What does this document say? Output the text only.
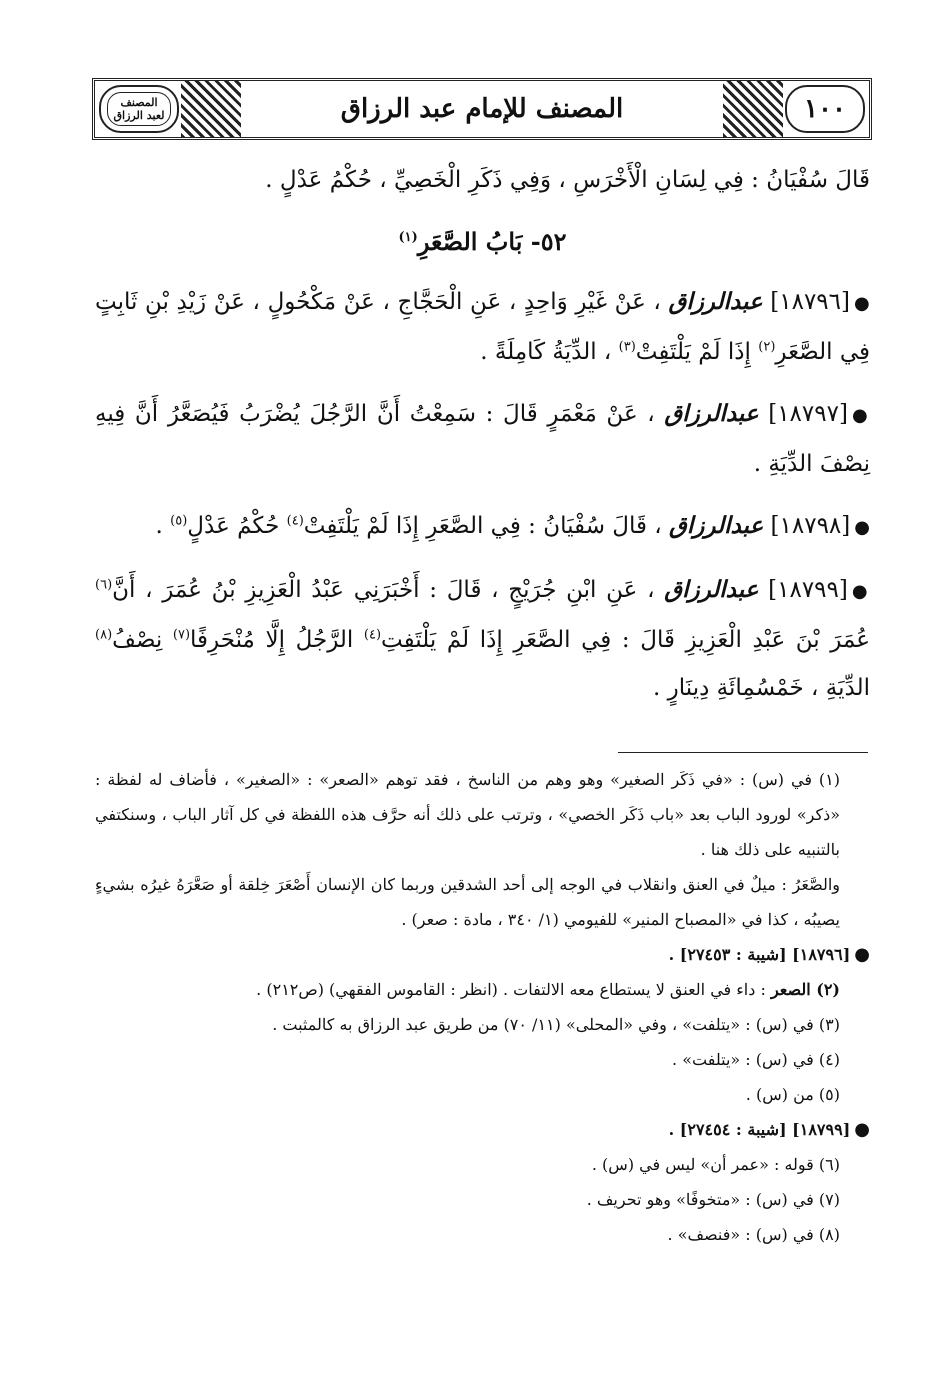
١٠٠
المصنف للإمام عبد الرزاق
المصنف
لعبد الرزاق

قَالَ سُفْيَانُ : فِي لِسَانِ الْأَخْرَسِ ، وَفِي ذَكَرِ الْخَصِيِّ ، حُكْمُ عَدْلٍ .

٥٢- بَابُ الصَّعَرِ$^{(١)}$

●[١٨٧٩٦] عبدالرزاق ، عَنْ غَيْرِ وَاحِدٍ ، عَنِ الْحَجَّاجِ ، عَنْ مَكْحُولٍ ، عَنْ زَيْدِ بْنِ ثَابِتٍ فِي الصَّعَرِ$^{(٢)}$ إِذَا لَمْ يَلْتَفِتْ$^{(٣)}$ ، الدِّيَةُ كَامِلَةً .

●[١٨٧٩٧] عبدالرزاق ، عَنْ مَعْمَرٍ قَالَ : سَمِعْتُ أَنَّ الرَّجُلَ يُضْرَبُ فَيُصَعَّرُ أَنَّ فِيهِ نِصْفَ الدِّيَةِ .

●[١٨٧٩٨] عبدالرزاق ، قَالَ سُفْيَانُ : فِي الصَّعَرِ إِذَا لَمْ يَلْتَفِتْ$^{(٤)}$ حُكْمُ عَدْلٍ$^{(٥)}$ .

●[١٨٧٩٩] عبدالرزاق ، عَنِ ابْنِ جُرَيْجٍ ، قَالَ : أَخْبَرَنِي عَبْدُ الْعَزِيزِ بْنُ عُمَرَ ، أَنَّ$^{(٦)}$ عُمَرَ بْنَ عَبْدِ الْعَزِيزِ قَالَ : فِي الصَّعَرِ إِذَا لَمْ يَلْتَفِتِ$^{(٤)}$ الرَّجُلُ إِلَّا مُنْحَرِفًا$^{(٧)}$ نِصْفُ$^{(٨)}$ الدِّيَةِ ، خَمْسُمِائَةِ دِينَارٍ .

(١) في (س) : «في ذَكَر الصغير» وهو وهم من الناسخ ، فقد توهم «الصعر» : «الصغير» ، فأضاف له لفظة : «ذكر» لورود الباب بعد «باب ذَكَر الخصي» ، وترتب على ذلك أنه حرَّف هذه اللفظة في كل آثار الباب ، وسنكتفي بالتنبيه على ذلك هنا .

والصَّعَرُ : ميلٌ في العنق وانقلاب في الوجه إلى أحد الشدقين وربما كان الإنسان أَصْعَرَ خِلقة أو صَعَّرَهُ غيرُه بشيءٍ يصيبُه ، كذا في «المصباح المنير» للفيومي (١/ ٣٤٠ ، مادة : صعر) .

●[١٨٧٩٦] [شيبة : ٢٧٤٥٣] .

(٢) الصعر : داء في العنق لا يستطاع معه الالتفات . (انظر : القاموس الفقهي) (ص٢١٢) .

(٣) في (س) : «يتلفت» ، وفي «المحلى» (١١/ ٧٠) من طريق عبد الرزاق به كالمثبت .

(٤) في (س) : «يتلفت» .

(٥) من (س) .

●[١٨٧٩٩] [شيبة : ٢٧٤٥٤] .

(٦) قوله : «عمر أن» ليس في (س) .

(٧) في (س) : «متخوفًا» وهو تحريف .

(٨) في (س) : «فنصف» .
